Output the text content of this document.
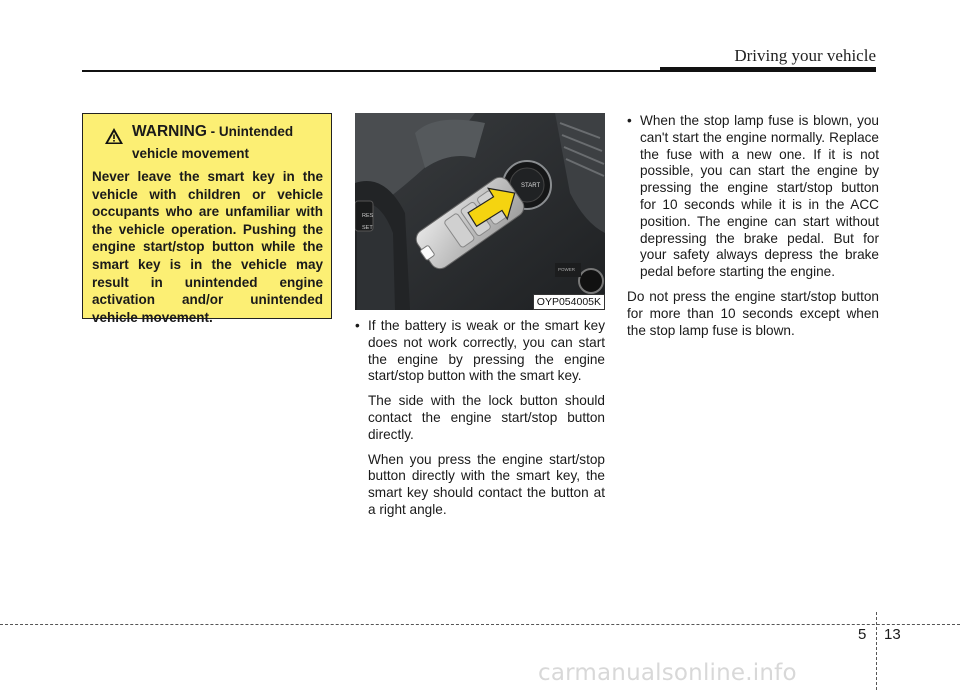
Driving your vehicle
WARNING - Unintended
vehicle movement
Never leave the smart key in the vehicle with children or vehicle occupants who are unfamiliar with the vehicle operation. Pushing the engine start/stop button while the smart key is in the vehicle may result in unintended engine activation and/or unintended vehicle movement.
RES
SET
START
POWER
OYP054005K
• If the battery is weak or the smart key does not work correctly, you can start the engine by pressing the engine start/stop button with the smart key.
The side with the lock button should contact the engine start/stop button directly.
When you press the engine start/stop button directly with the smart key, the smart key should contact the button at a right angle.
• When the stop lamp fuse is blown, you can't start the engine normally. Replace the fuse with a new one. If it is not possible, you can start the engine by pressing the engine start/stop button for 10 seconds while it is in the ACC position. The engine can start without depressing the brake pedal. But for your safety always depress the brake pedal before starting the engine.
Do not press the engine start/stop button for more than 10 seconds except when the stop lamp fuse is blown.
5 13
carmanualsonline.info
